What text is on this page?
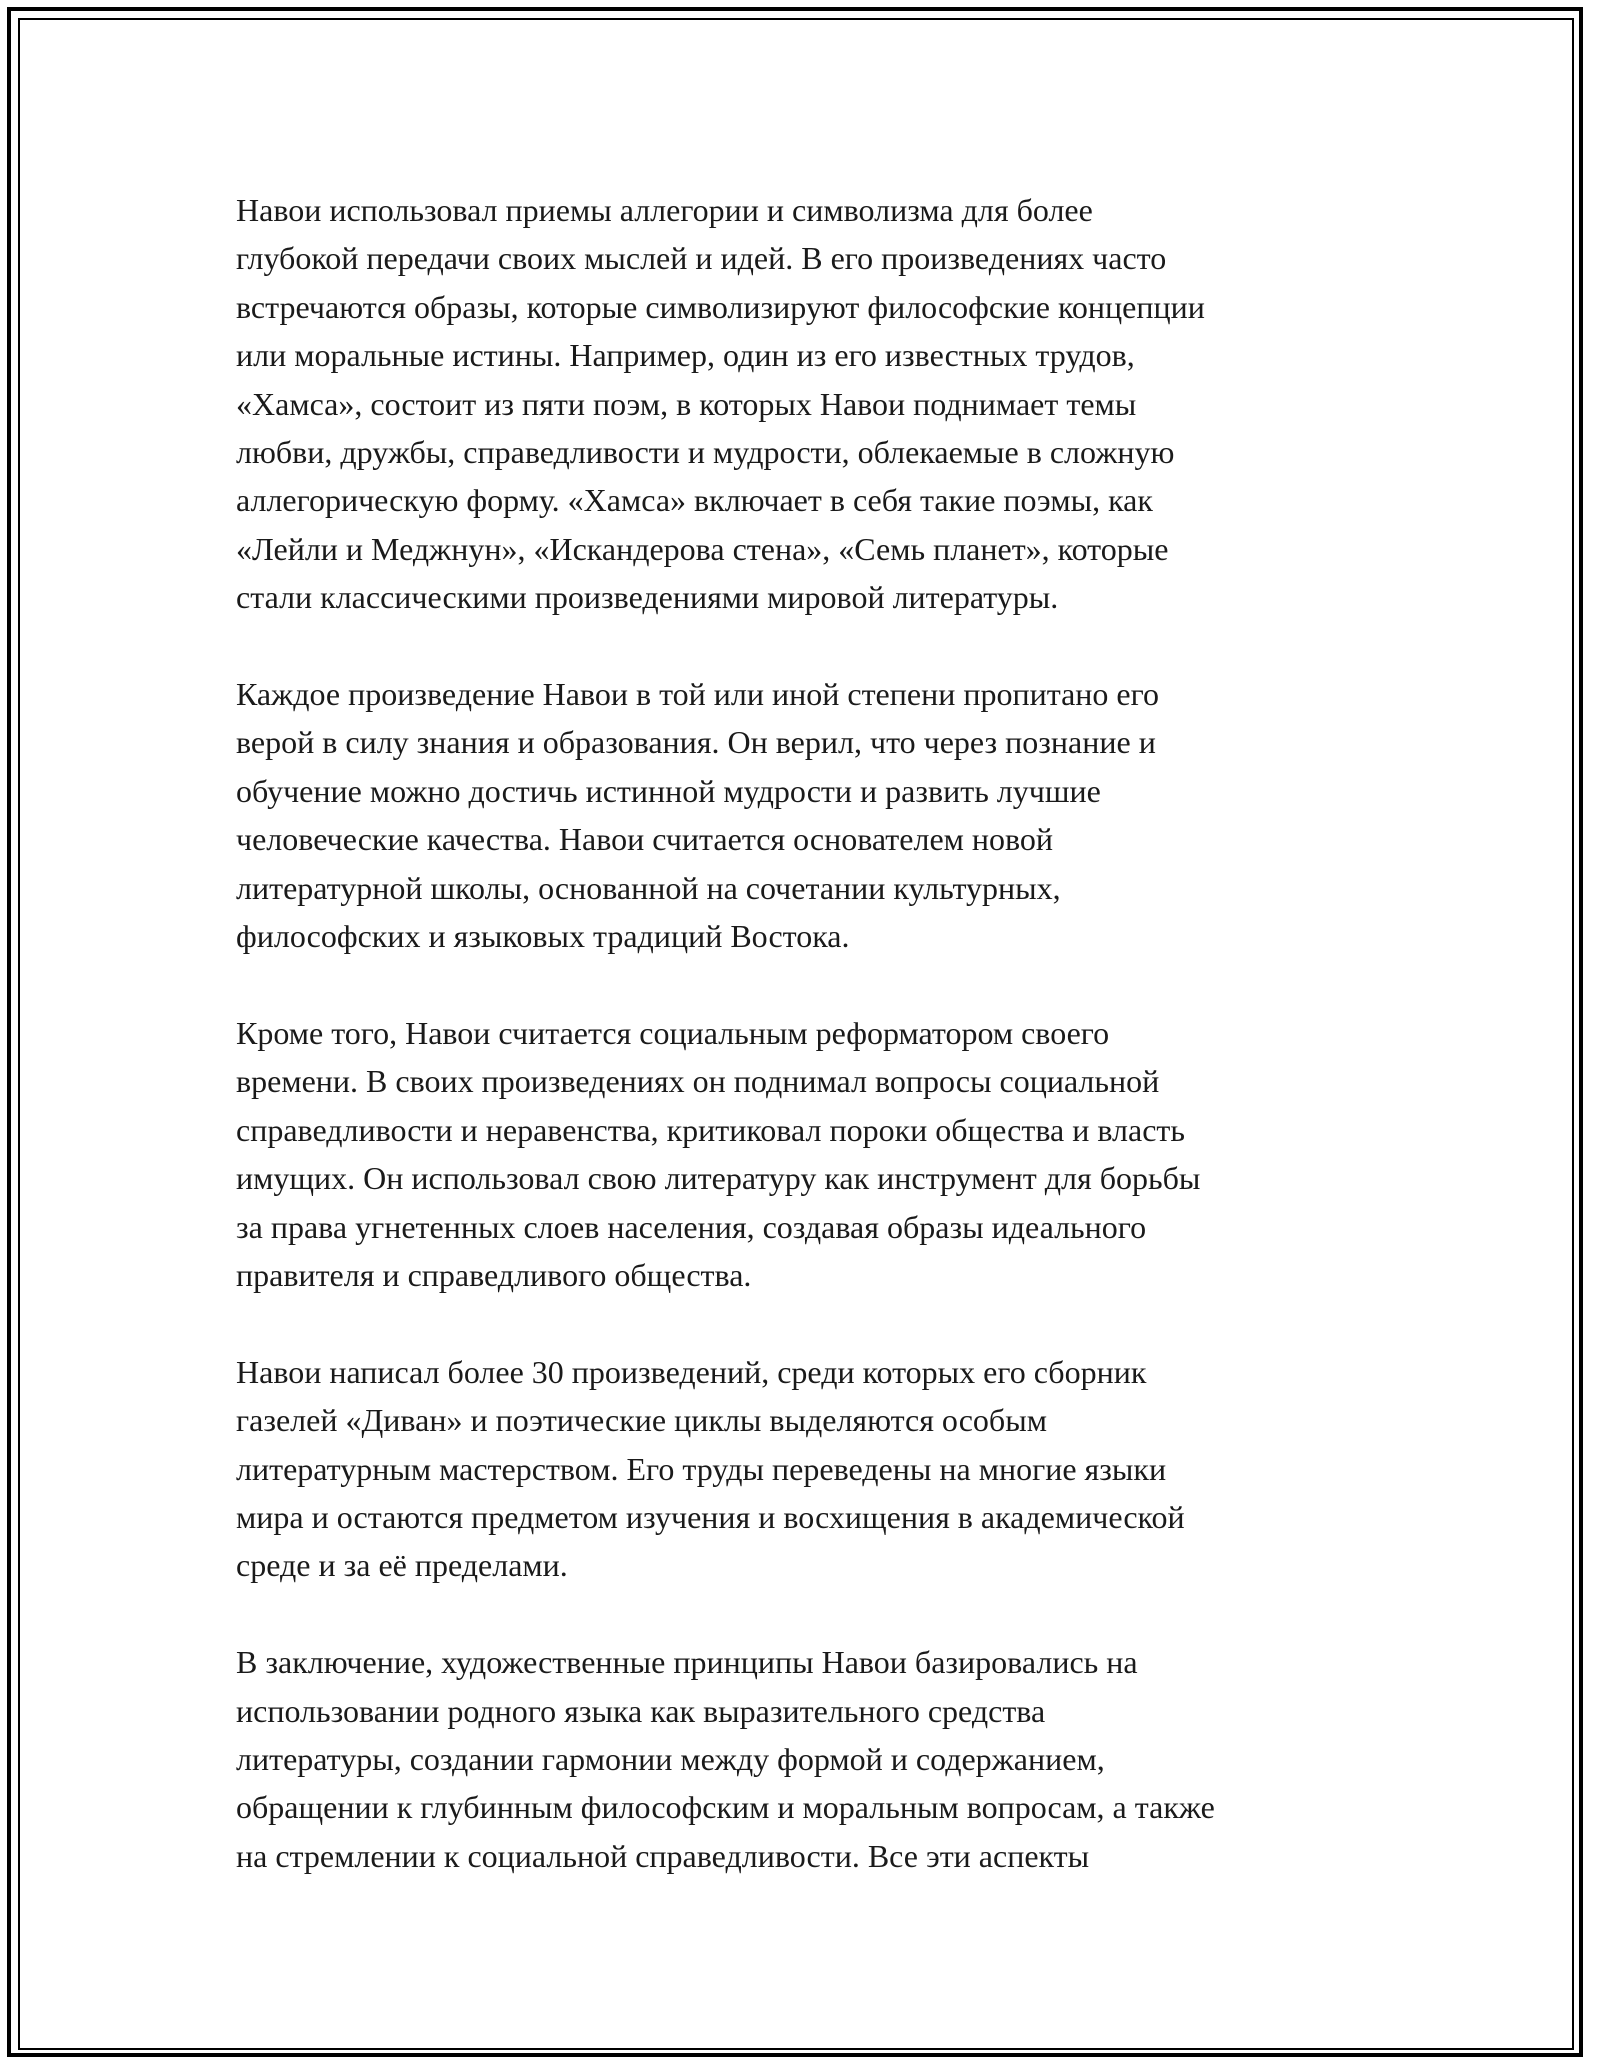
Навои использовал приемы аллегории и символизма для более
глубокой передачи своих мыслей и идей. В его произведениях часто
встречаются образы, которые символизируют философские концепции
или моральные истины. Например, один из его известных трудов,
«Хамса», состоит из пяти поэм, в которых Навои поднимает темы
любви, дружбы, справедливости и мудрости, облекаемые в сложную
аллегорическую форму. «Хамса» включает в себя такие поэмы, как
«Лейли и Меджнун», «Искандерова стена», «Семь планет», которые
стали классическими произведениями мировой литературы.

Каждое произведение Навои в той или иной степени пропитано его
верой в силу знания и образования. Он верил, что через познание и
обучение можно достичь истинной мудрости и развить лучшие
человеческие качества. Навои считается основателем новой
литературной школы, основанной на сочетании культурных,
философских и языковых традиций Востока.

Кроме того, Навои считается социальным реформатором своего
времени. В своих произведениях он поднимал вопросы социальной
справедливости и неравенства, критиковал пороки общества и власть
имущих. Он использовал свою литературу как инструмент для борьбы
за права угнетенных слоев населения, создавая образы идеального
правителя и справедливого общества.

Навои написал более 30 произведений, среди которых его сборник
газелей «Диван» и поэтические циклы выделяются особым
литературным мастерством. Его труды переведены на многие языки
мира и остаются предметом изучения и восхищения в академической
среде и за её пределами.

В заключение, художественные принципы Навои базировались на
использовании родного языка как выразительного средства
литературы, создании гармонии между формой и содержанием,
обращении к глубинным философским и моральным вопросам, а также
на стремлении к социальной справедливости. Все эти аспекты
